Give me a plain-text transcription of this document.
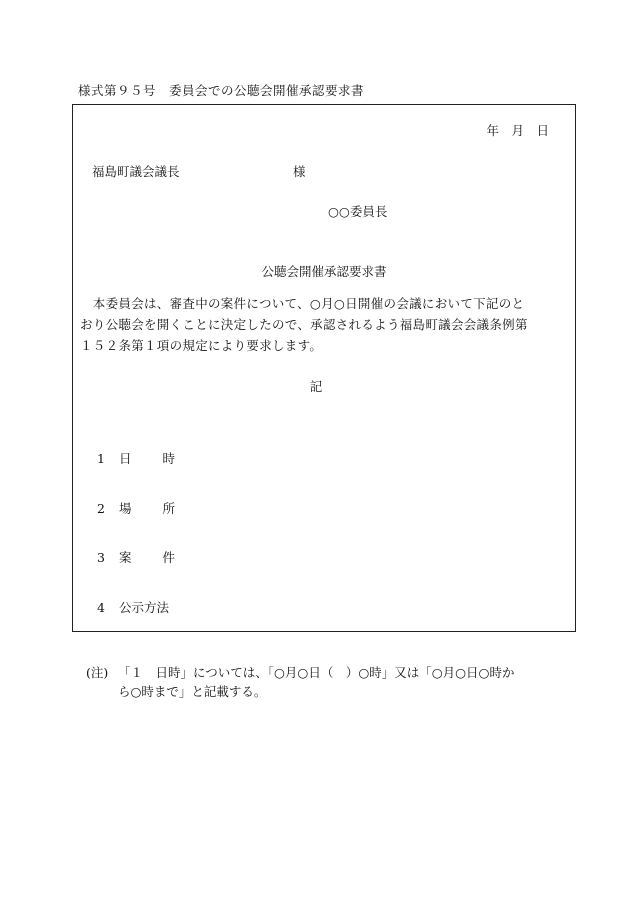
様式第９５号　委員会での公聴会開催承認要求書
年　月　日
福島町議会議長	様
○○委員長
公聴会開催承認要求書
　本委員会は、審査中の案件について、○月○日開催の会議において下記のと
おり公聴会を開くことに決定したので、承認されるよう福島町議会会議条例第
１５２条第１項の規定により要求します。
記

1	日時

2	場所

3	案件

4	公示方法

(注) 「１　日時」については、「○月○日（　）○時」又は「○月○日○時か
ら○時まで」と記載する。
